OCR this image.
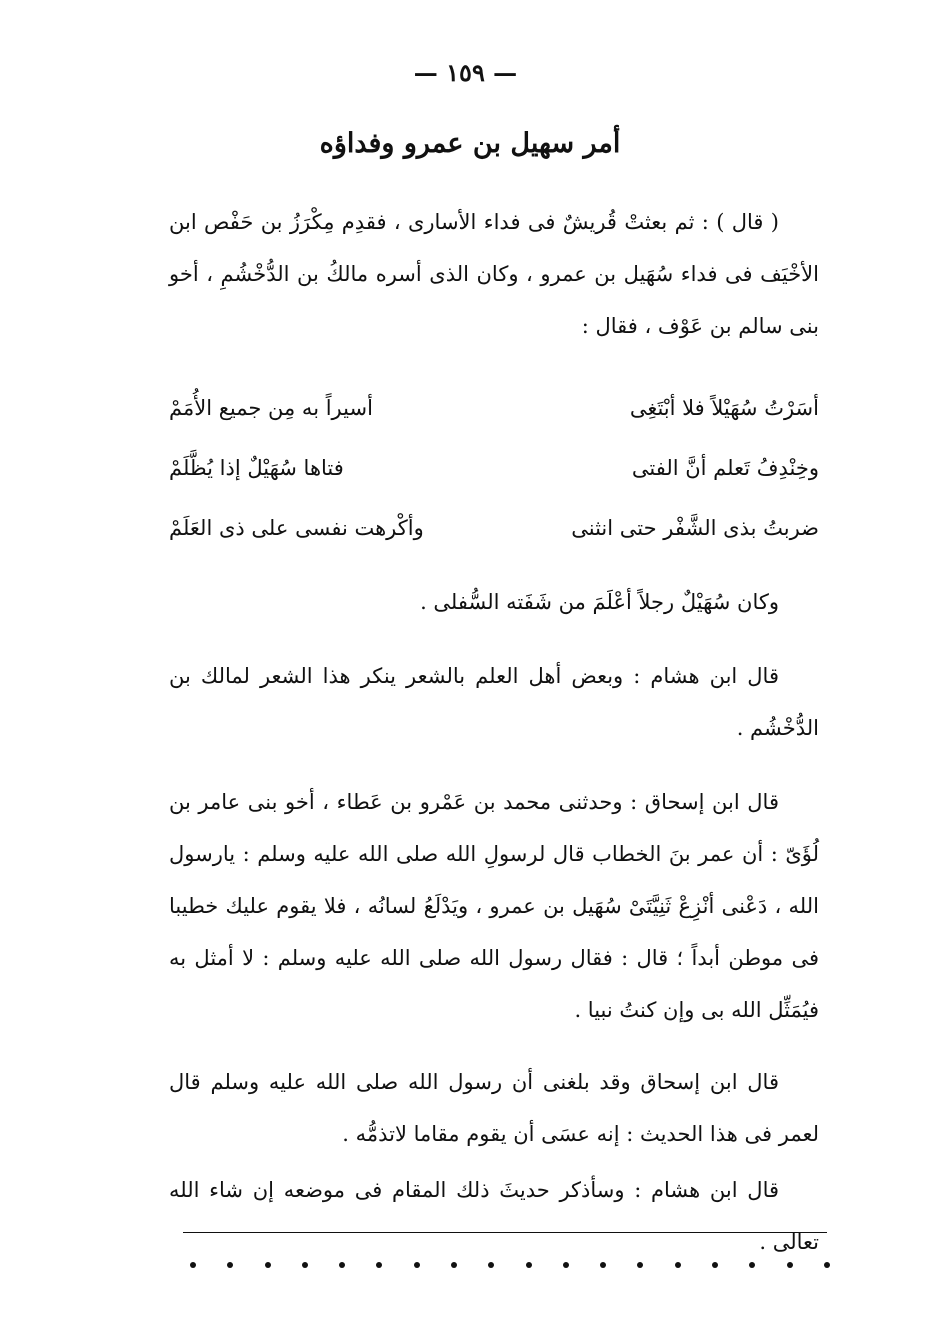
— ١٥٩ —
أمر سهيل بن عمرو وفداؤه

( قال ) : ثم بعثتْ قُريشٌ فى فداء الأسارى ، فقدِم مِكْرَزُ بن حَفْص ابن الأخْيَف فى فداء سُهَيل بن عمرو ، وكان الذى أسره مالكُ بن الدُّخْشُمِ ، أخو بنى سالم بن عَوْف ، فقال :

أسَرْتُ سُهَيْلاً فلا أبْتَغِى
أسيراً به مِن جميع الأُمَمْ
وخِنْدِفُ تَعلم أنَّ الفتى
فتاها سُهَيْلٌ إذا يُظَّلَمْ
ضربتُ بذى الشَّفْر حتى انثنى
وأكْرهت نفسى على ذى العَلَمْ

وكان سُهَيْلٌ رجلاً أعْلَمَ من شَفَته السُّفلى .

قال ابن هشام : وبعض أهل العلم بالشعر ينكر هذا الشعر لمالك بن الدُّخْشُم .

قال ابن إسحاق : وحدثنى محمد بن عَمْرو بن عَطاء ، أخو بنى عامر بن لُؤَىّ : أن عمر بنَ الخطاب قال لرسولِ الله صلى الله عليه وسلم : يارسول الله ، دَعْنى أنْزِعْ ثَنِيَّتَىْ سُهَيل بن عمرو ، ويَدْلَعُ لسانُه ، فلا يقوم عليك خطيبا فى موطن أبداً ؛ قال : فقال رسول الله صلى الله عليه وسلم : لا أمثل به فيُمَثِّل الله بى وإن كنتُ نبيا .

قال ابن إسحاق وقد بلغنى أن رسول الله صلى الله عليه وسلم قال لعمر فى هذا الحديث : إنه عسَى أن يقوم مقاما لاتذمُّه .

قال ابن هشام : وسأذكر حديثَ ذلك المقام فى موضعه إن شاء الله تعالى .
